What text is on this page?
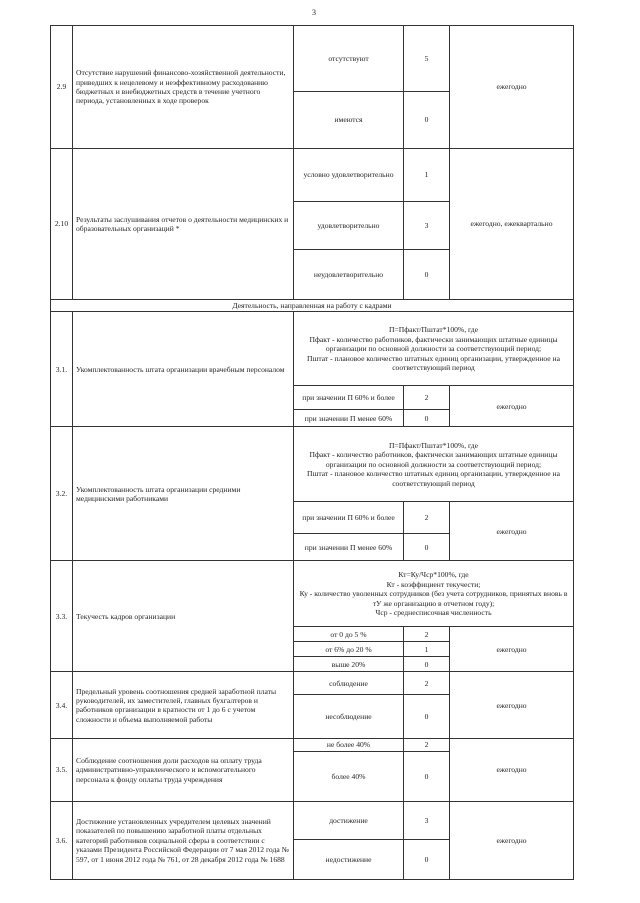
3
2.9	Отсутствие нарушений финансово-хозяйственной деятельности, приведших к нецелевому и неэффективному расходованию бюджетных и внебюджетных средств в течение учетного периода, установленных в ходе проверок	отсутствуют	5	ежегодно
		имеются	0	
2.10	Результаты заслушивания отчетов о деятельности медицинских и образовательных организаций *	условно удовлетворительно	1	ежегодно, ежеквартально
		удовлетворительно	3	
		неудовлетворительно	0	
Деятельность, направленная на работу с кадрами				
3.1.	Укомплектованность штата организации врачебным персоналом	П=Пфакт/Пштат*100%, где
Пфакт - количество работников, фактически занимающих штатные единицы организации по основной должности за соответствующий период;
Пштат - плановое количество штатных единиц организации, утвержденное на соответствующий период		

		при значении П 60% и более	2	ежегодно
		при значении П менее 60%	0	
3.2.	Укомплектованность штата организации средними медицинскими работниками	П=Пфакт/Пштат*100%, где
Пфакт - количество работников, фактически занимающих штатные единицы организации по основной должности за соответствующий период;
Пштат - плановое количество штатных единиц организации, утвержденное на соответствующий период		

		при значении П 60% и более	2	ежегодно
		при значении П менее 60%	0	
3.3.	Текучесть кадров организации	Кт=Ку/Чср*100%, где
Кт - коэффициент текучести;
Ку - количество уволенных сотрудников (без учета сотрудников, принятых вновь в тУ же организацию в отчетном году);
Чср - среднесписочная численность		

		от 0 до 5 %	2	ежегодно
		от 6% до 20 %	1	
		выше 20%	0	
3.4.	Предельный уровень соотношения средней заработной платы руководителей, их заместителей, главных бухгалтеров и работников организации в кратности от 1 до 6 с учетом сложности и объема выполняемой работы	соблюдение	2	ежегодно
		несоблюдение	0	
3.5.	Соблюдение соотношения доли расходов на оплату труда административно-управленческого и вспомогательного персонала к фонду оплаты труда учреждения	не более 40%	2	ежегодно
		более 40%	0	
3.6.	Достижение установленных учредителем целевых значений показателей по повышению заработной платы отдельных категорий работников социальной сферы в соответствии с указами Президента Российской Федерации от 7 мая 2012 года № 597, от 1 июня 2012 года № 761, от 28 декабря 2012 года № 1688	достижение	3	ежегодно
		недостижение	0	
